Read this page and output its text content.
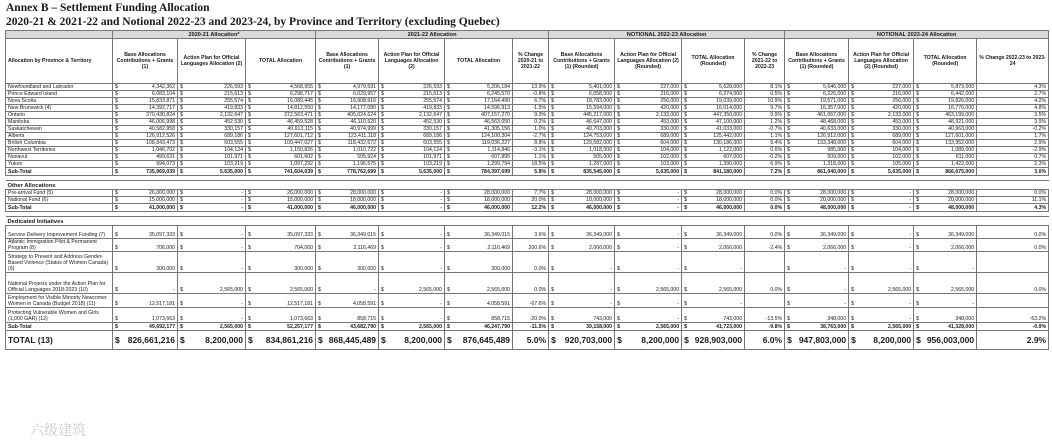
Annex B – Settlement Funding Allocation
2020-21 & 2021-22 and Notional 2022-23 and 2023-24, by Province and Territory (excluding Quebec)
	2020-21 Allocation*			2021-22 Allocation				NOTIONAL 2022-23 Allocation				NOTIONAL 2023-24 Allocation			
Allocation by Province & Territory	Base Allocations Contributions + Grants (1)	Action Plan for Official Languages Allocation (2)	TOTAL Allocation	Base Allocations Contributions + Grants (1)	Action Plan for Official Languages Allocation (2)	TOTAL Allocation	% Change 2020-21 to 2021-22	Base Allocations Contributions + Grants (1) (Rounded)	Action Plan for Official Languages Allocation (2) (Rounded)	TOTAL Allocation (Rounded)	% Change 2021-22 to 2022-23	Base Allocations Contributions + Grants (1) (Rounded)	Action Plan for Official Languages Allocation (2) (Rounded)	TOTAL Allocation (Rounded)	% Change 2022-23 to 2023-24
Newfoundland and Labrador	$ 4,342,362	$ 226,593	$ 4,568,955	$ 4,979,591	$ 226,593	$ 5,206,184	13.9%	$ 5,401,000	$ 227,000	$ 5,628,000	8.1%	$ 5,646,000	$ 227,000	$ 5,873,000	4.3%
Prince Edward Island	$ 6,083,104	$ 215,613	$ 6,298,717	$ 6,029,957	$ 215,613	$ 6,245,570	-0.8%	$ 6,058,000	$ 216,000	$ 6,274,000	0.5%	$ 6,226,000	$ 216,000	$ 6,442,000	2.7%
Nova Scotia	$ 15,833,871	$ 255,574	$ 16,089,445	$ 16,908,916	$ 255,574	$ 17,164,490	6.7%	$ 18,783,000	$ 256,000	$ 19,039,000	10.9%	$ 19,571,000	$ 256,000	$ 19,826,000	4.2%
New Brunswick (4)	$ 14,392,717	$ 419,833	$ 14,812,550	$ 14,177,080	$ 419,833	$ 14,596,913	-1.5%	$ 15,594,000	$ 420,000	$ 16,014,000	9.7%	$ 16,357,000	$ 420,000	$ 16,776,000	4.8%
Ontario	$ 370,430,824	$ 2,132,647	$ 372,563,471	$ 405,024,624	$ 2,132,647	$ 407,157,270	9.3%	$ 445,217,000	$ 2,133,000	$ 447,350,000	9.9%	$ 461,067,000	$ 2,133,000	$ 463,199,000	3.5%
Manitoba	$ 46,006,998	$ 452,530	$ 46,459,528	$ 46,110,520	$ 452,530	$ 46,563,050	0.2%	$ 46,647,000	$ 453,000	$ 47,100,000	1.2%	$ 48,468,000	$ 453,000	$ 48,921,000	3.9%
Saskatchewan	$ 40,582,958	$ 330,157	$ 40,913,115	$ 40,974,999	$ 330,157	$ 41,305,156	1.0%	$ 40,703,000	$ 330,000	$ 41,033,000	-0.7%	$ 40,633,000	$ 330,000	$ 40,963,000	-0.2%
Alberta	$ 126,912,526	$ 689,186	$ 127,601,712	$ 123,411,118	$ 689,186	$ 124,100,304	-2.7%	$ 124,753,000	$ 689,000	$ 125,442,000	1.1%	$ 126,912,000	$ 689,000	$ 127,601,000	1.7%
British Columbia	$ 108,843,473	$ 603,555	$ 109,447,027	$ 118,432,672	$ 603,555	$ 119,036,227	8.8%	$ 129,582,000	$ 604,000	$ 130,186,000	9.4%	$ 133,348,000	$ 604,000	$ 133,952,000	2.9%
Northwest Territories	$ 1,046,702	$ 104,124	$ 1,150,826	$ 1,010,722	$ 104,124	$ 1,114,846	-3.1%	$ 1,018,000	$ 104,000	$ 1,122,000	0.6%	$ 985,000	$ 104,000	$ 1,089,000	-2.9%
Nunavut	$ 499,631	$ 101,971	$ 601,602	$ 505,924	$ 101,971	$ 607,895	1.1%	$ 505,000	$ 102,000	$ 607,000	-0.2%	$ 509,000	$ 102,000	$ 611,000	0.7%
Yukon	$ 994,073	$ 103,219	$ 1,097,292	$ 1,196,575	$ 103,219	$ 1,299,794	18.5%	$ 1,287,000	$ 103,000	$ 1,390,000	6.9%	$ 1,318,000	$ 105,000	$ 1,422,000	2.3%
Sub-Total	$ 735,969,039	$ 5,635,000	$ 741,604,039	$ 778,762,699	$ 5,635,000	$ 784,397,699	5.8%	$ 835,545,000	$ 5,635,000	$ 841,180,000	7.2%	$ 861,040,000	$ 5,635,000	$ 866,675,000	3.0%

Other Allocations															
Pre-arrival Fund (5)	$ 26,000,000	$ -	$ 26,000,000	$ 28,000,000	$ -	$ 28,000,000	7.7%	$ 28,000,000	$ -	$ 28,000,000	0.0%	$ 28,000,000	$ -	$ 28,000,000	0.0%
National Fund (6)	$ 15,000,000	$ -	$ 15,000,000	$ 18,000,000	$ -	$ 18,000,000	20.0%	$ 18,000,000	$ -	$ 18,000,000	0.0%	$ 20,000,000	$ -	$ 20,000,000	11.1%
Sub-Total	$ 41,000,000	$ -	$ 41,000,000	$ 46,000,000	$ -	$ 46,000,000	12.2%	$ 46,000,000	$ -	$ 46,000,000	0.0%	$ 48,000,000	$ -	$ 48,000,000	4.3%

Dedicated Initiatives															
Service Delivery Improvement Funding (7)	$ 35,097,333	$ -	$ 35,097,333	$ 36,349,015	$ -	$ 36,349,015	3.6%	$ 36,349,000	$ -	$ 36,349,000	0.0%	$ 36,349,000	$ -	$ 36,349,000	0.0%
Atlantic Immigration Pilot & Permanent Program (8)	$ 706,000	$ -	$ 704,000	$ 2,116,469	$ -	$ 2,116,469	200.6%	$ 2,066,000	$ -	$ 2,066,000	-2.4%	$ 2,066,000	$ -	$ 2,066,000	0.0%
Strategy to Prevent and Address Gender-Based Violence (Status of Women Canada) (9)	$ 300,000	$ -	$ 300,000	$ 300,000	$ -	$ 300,000	0.0%	$ -	$ -	$ -		$ -	$ -	$ -	
National Projects under the Action Plan for Official Languages 2018-2023 (10)	$ -	$ 2,565,000	$ 2,565,000	$ -	$ 2,565,000	$ 2,565,000	0.0%	$ -	$ 2,565,000	$ 2,565,000	0.0%	$ -	$ 2,565,000	$ 2,565,000	0.0%
Employment for Visible Minority Newcomer Women in Canada (Budget 2018) (11)	$ 12,517,181	$ -	$ 12,517,181	$ 4,058,591	$ -	$ 4,058,591	-67.6%	$ -	$ -	$ -		$ -	$ -	$ -	
Protecting Vulnerable Women and Girls (1,000 GAR) (12)	$ 1,073,663	$ -	$ 1,073,663	$ 858,715	$ -	$ 858,715	-20.0%	$ 743,000	$ -	$ 743,000	-13.5%	$ 348,000	$ -	$ 348,000	-53.2%
Sub-Total	$ 49,692,177	$ 2,565,000	$ 52,257,177	$ 43,682,790	$ 2,565,000	$ 46,247,790	-11.5%	$ 39,158,000	$ 2,565,000	$ 41,723,000	-9.8%	$ 38,763,000	$ 2,565,000	$ 41,328,000	-0.9%
TOTAL (13)	$ 826,661,216	$ 8,200,000	$ 834,861,216	$ 868,445,489	$ 8,200,000	$ 876,645,489	5.0%	$ 920,703,000	$ 8,200,000	$ 928,903,000	6.0%	$ 947,803,000	$ 8,200,000	$ 956,003,000	2.9%
六级建筑
